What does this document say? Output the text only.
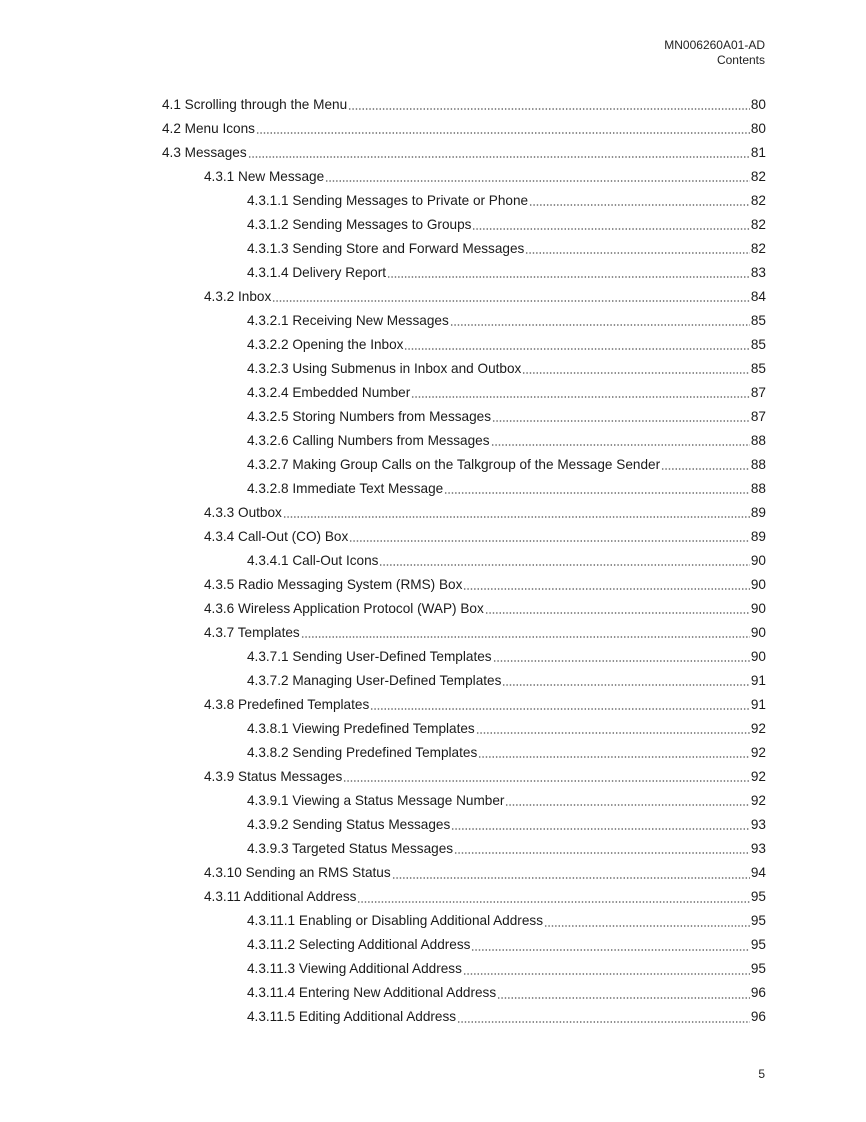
MN006260A01-AD
Contents
4.1 Scrolling through the Menu	80
4.2 Menu Icons	80
4.3 Messages	81
4.3.1 New Message	82
4.3.1.1 Sending Messages to Private or Phone	82
4.3.1.2 Sending Messages to Groups	82
4.3.1.3 Sending Store and Forward Messages	82
4.3.1.4 Delivery Report	83
4.3.2 Inbox	84
4.3.2.1 Receiving New Messages	85
4.3.2.2 Opening the Inbox	85
4.3.2.3 Using Submenus in Inbox and Outbox	85
4.3.2.4 Embedded Number	87
4.3.2.5 Storing Numbers from Messages	87
4.3.2.6 Calling Numbers from Messages	88
4.3.2.7 Making Group Calls on the Talkgroup of the Message Sender	88
4.3.2.8 Immediate Text Message	88
4.3.3 Outbox	89
4.3.4 Call-Out (CO) Box	89
4.3.4.1 Call-Out Icons	90
4.3.5 Radio Messaging System (RMS) Box	90
4.3.6 Wireless Application Protocol (WAP) Box	90
4.3.7 Templates	90
4.3.7.1 Sending User-Defined Templates	90
4.3.7.2 Managing User-Defined Templates	91
4.3.8 Predefined Templates	91
4.3.8.1 Viewing Predefined Templates	92
4.3.8.2 Sending Predefined Templates	92
4.3.9 Status Messages	92
4.3.9.1 Viewing a Status Message Number	92
4.3.9.2 Sending Status Messages	93
4.3.9.3 Targeted Status Messages	93
4.3.10 Sending an RMS Status	94
4.3.11 Additional Address	95
4.3.11.1 Enabling or Disabling Additional Address	95
4.3.11.2 Selecting Additional Address	95
4.3.11.3 Viewing Additional Address	95
4.3.11.4 Entering New Additional Address	96
4.3.11.5 Editing Additional Address	96
5
